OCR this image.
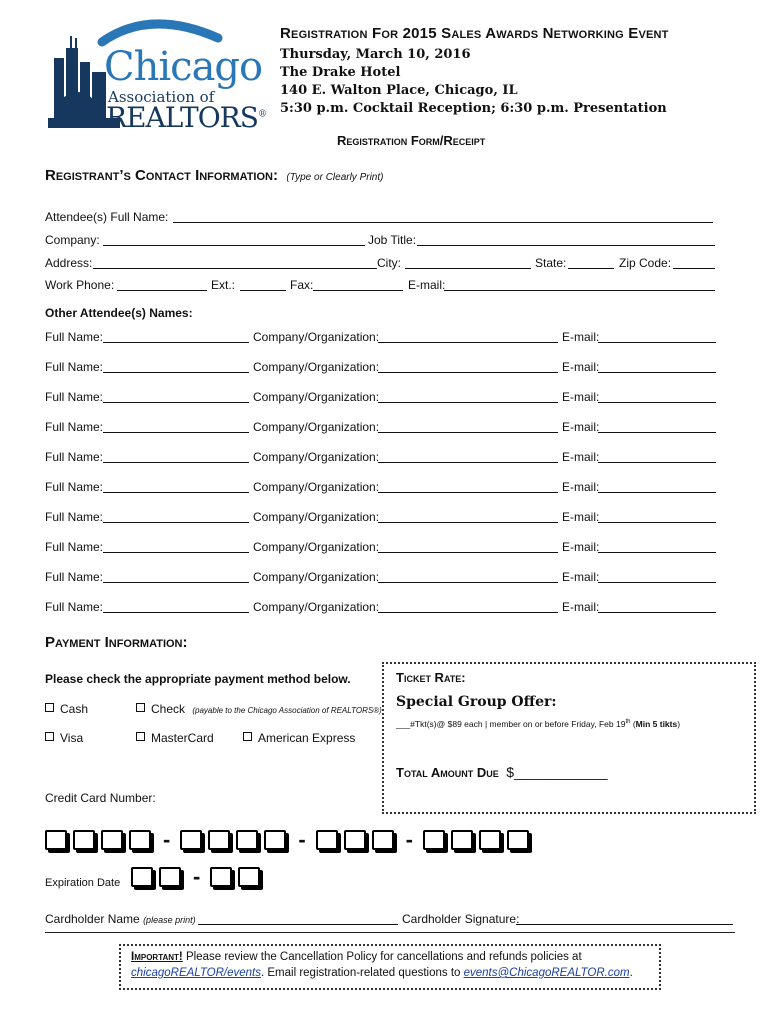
Chicago
Association of
REALTORS®
Registration For 2015 Sales Awards Networking Event
Thursday, March 10, 2016
The Drake Hotel
140 E. Walton Place, Chicago, IL
5:30 p.m. Cocktail Reception; 6:30 p.m. Presentation
Registration Form/Receipt
Registrant’s Contact Information: (Type or Clearly Print)
Attendee(s) Full Name:
Company:	Job Title:
Address:	City:	State:	Zip Code:
Work Phone:	Ext.:	Fax:	E-mail:
Other Attendee(s) Names:
Full Name:	Company/Organization:	E-mail:
Full Name:	Company/Organization:	E-mail:
Full Name:	Company/Organization:	E-mail:
Full Name:	Company/Organization:	E-mail:
Full Name:	Company/Organization:	E-mail:
Full Name:	Company/Organization:	E-mail:
Full Name:	Company/Organization:	E-mail:
Full Name:	Company/Organization:	E-mail:
Full Name:	Company/Organization:	E-mail:
Full Name:	Company/Organization:	E-mail:
Payment Information:
Please check the appropriate payment method below.
Cash	Check (payable to the Chicago Association of REALTORS®)
Visa	MasterCard	American Express
Credit Card Number:
Ticket Rate:
Special Group Offer:
___#Tkt(s)@ $89 each | member on or before Friday, Feb 19th (Min 5 tikts)
Total Amount Due $____________
-	-	-
Expiration Date	-
Cardholder Name (please print)	Cardholder Signature:
Important! Please review the Cancellation Policy for cancellations and refunds policies at
chicagoREALTOR/events. Email registration-related questions to events@ChicagoREALTOR.com.
